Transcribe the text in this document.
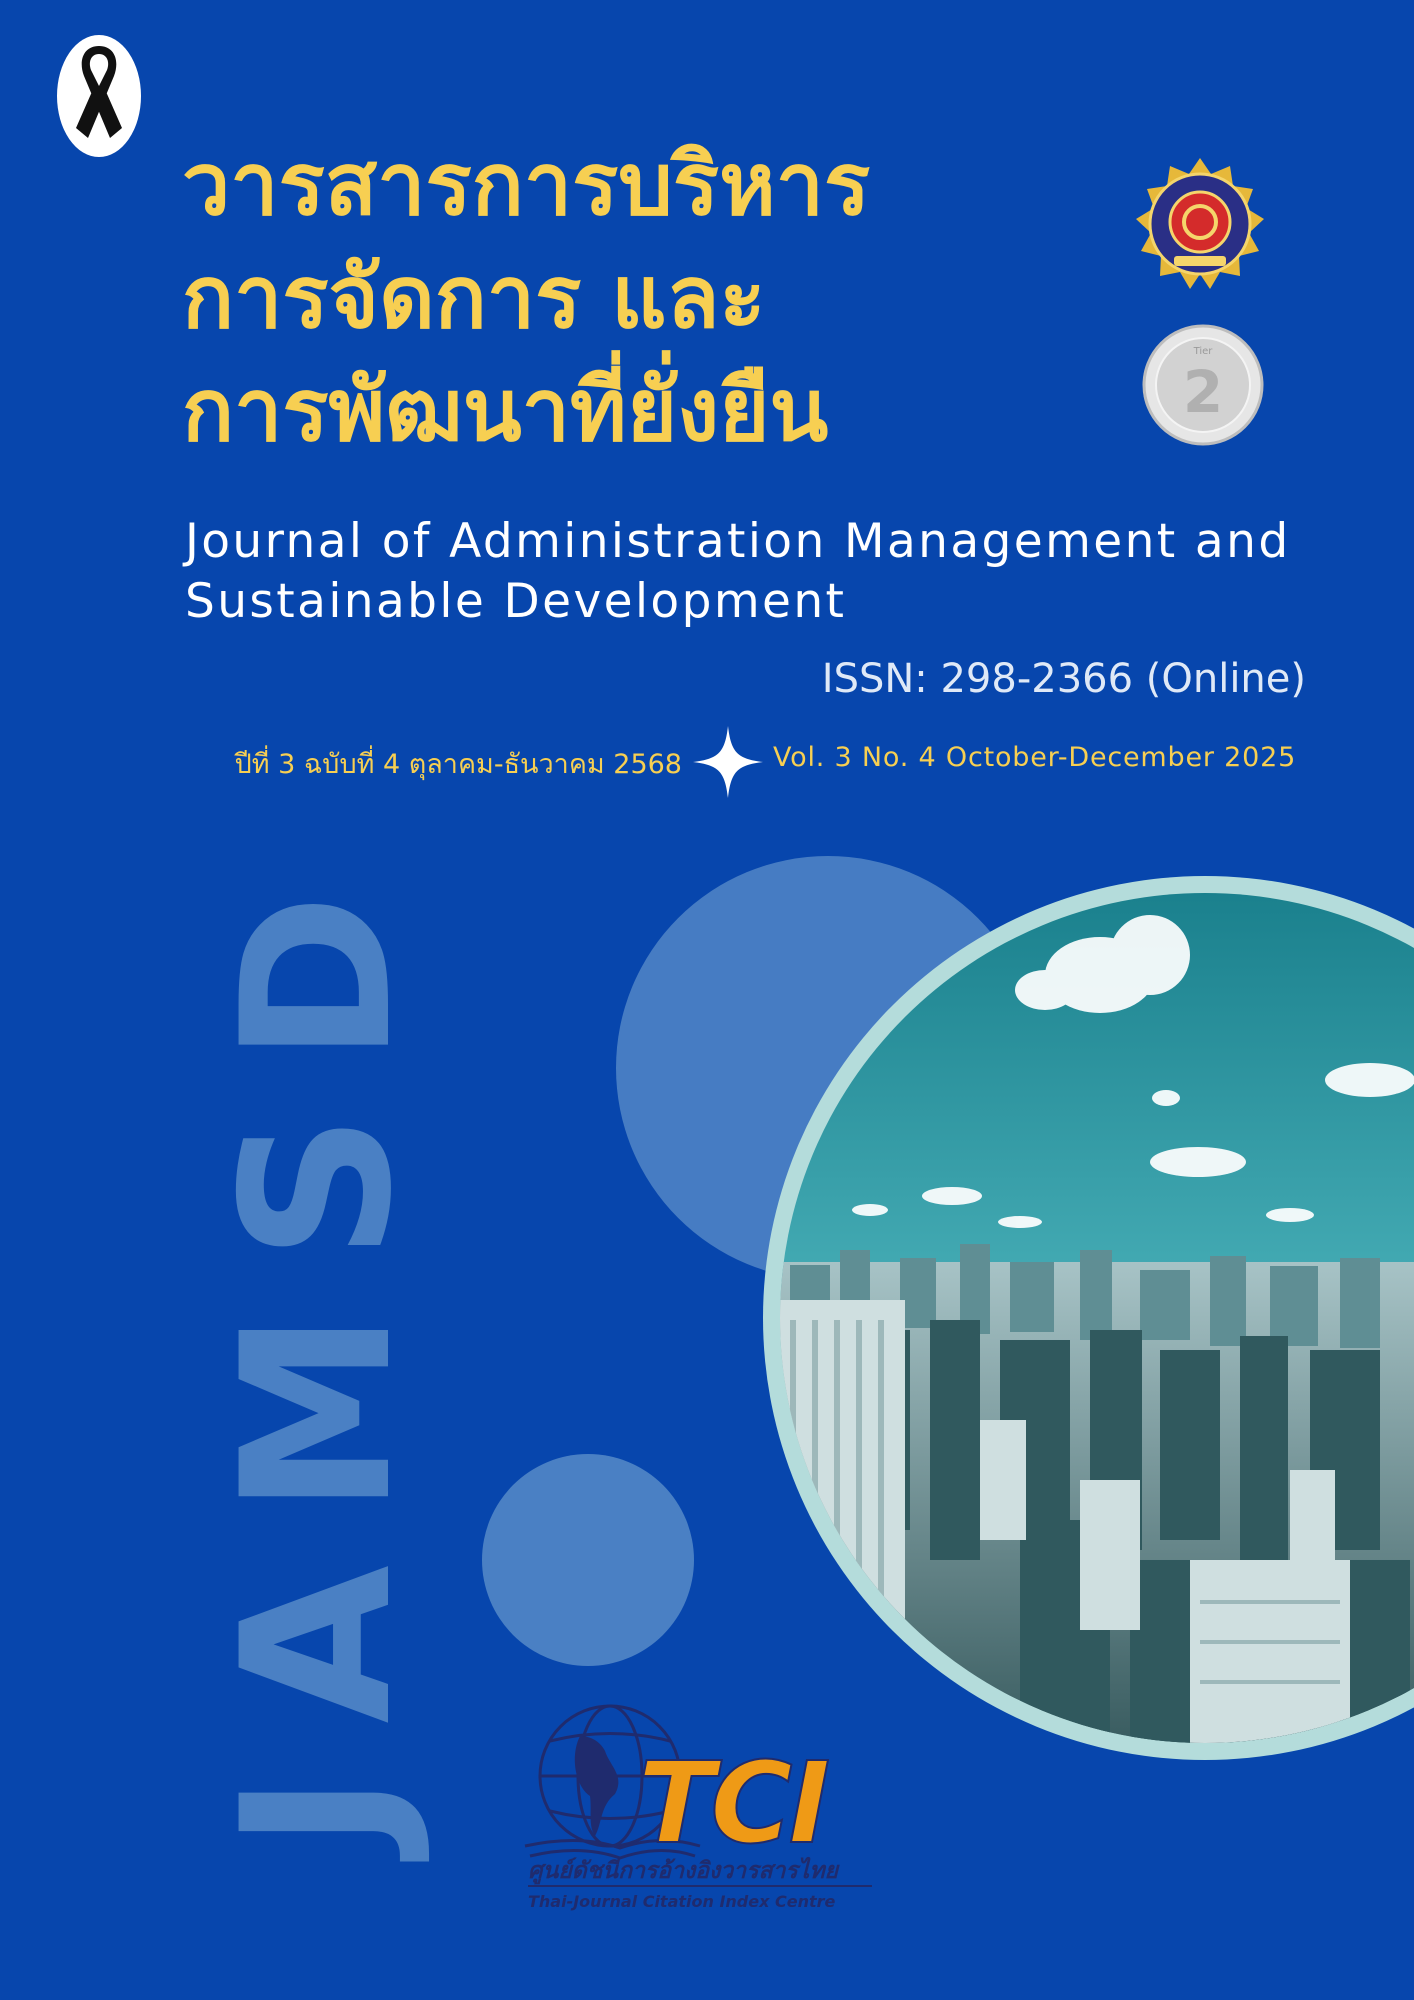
JAMSD
วารสารการบริหาร
การจัดการ และ
การพัฒนาที่ยั่งยืน
Tier
2
Journal of Administration Management and
Sustainable Development
ISSN: 298-2366 (Online)
ปีที่ 3 ฉบับที่ 4 ตุลาคม-ธันวาคม 2568	Vol. 3 No. 4 October-December 2025
TCI
ศูนย์ดัชนีการอ้างอิงวารสารไทย
Thai-Journal Citation Index Centre
